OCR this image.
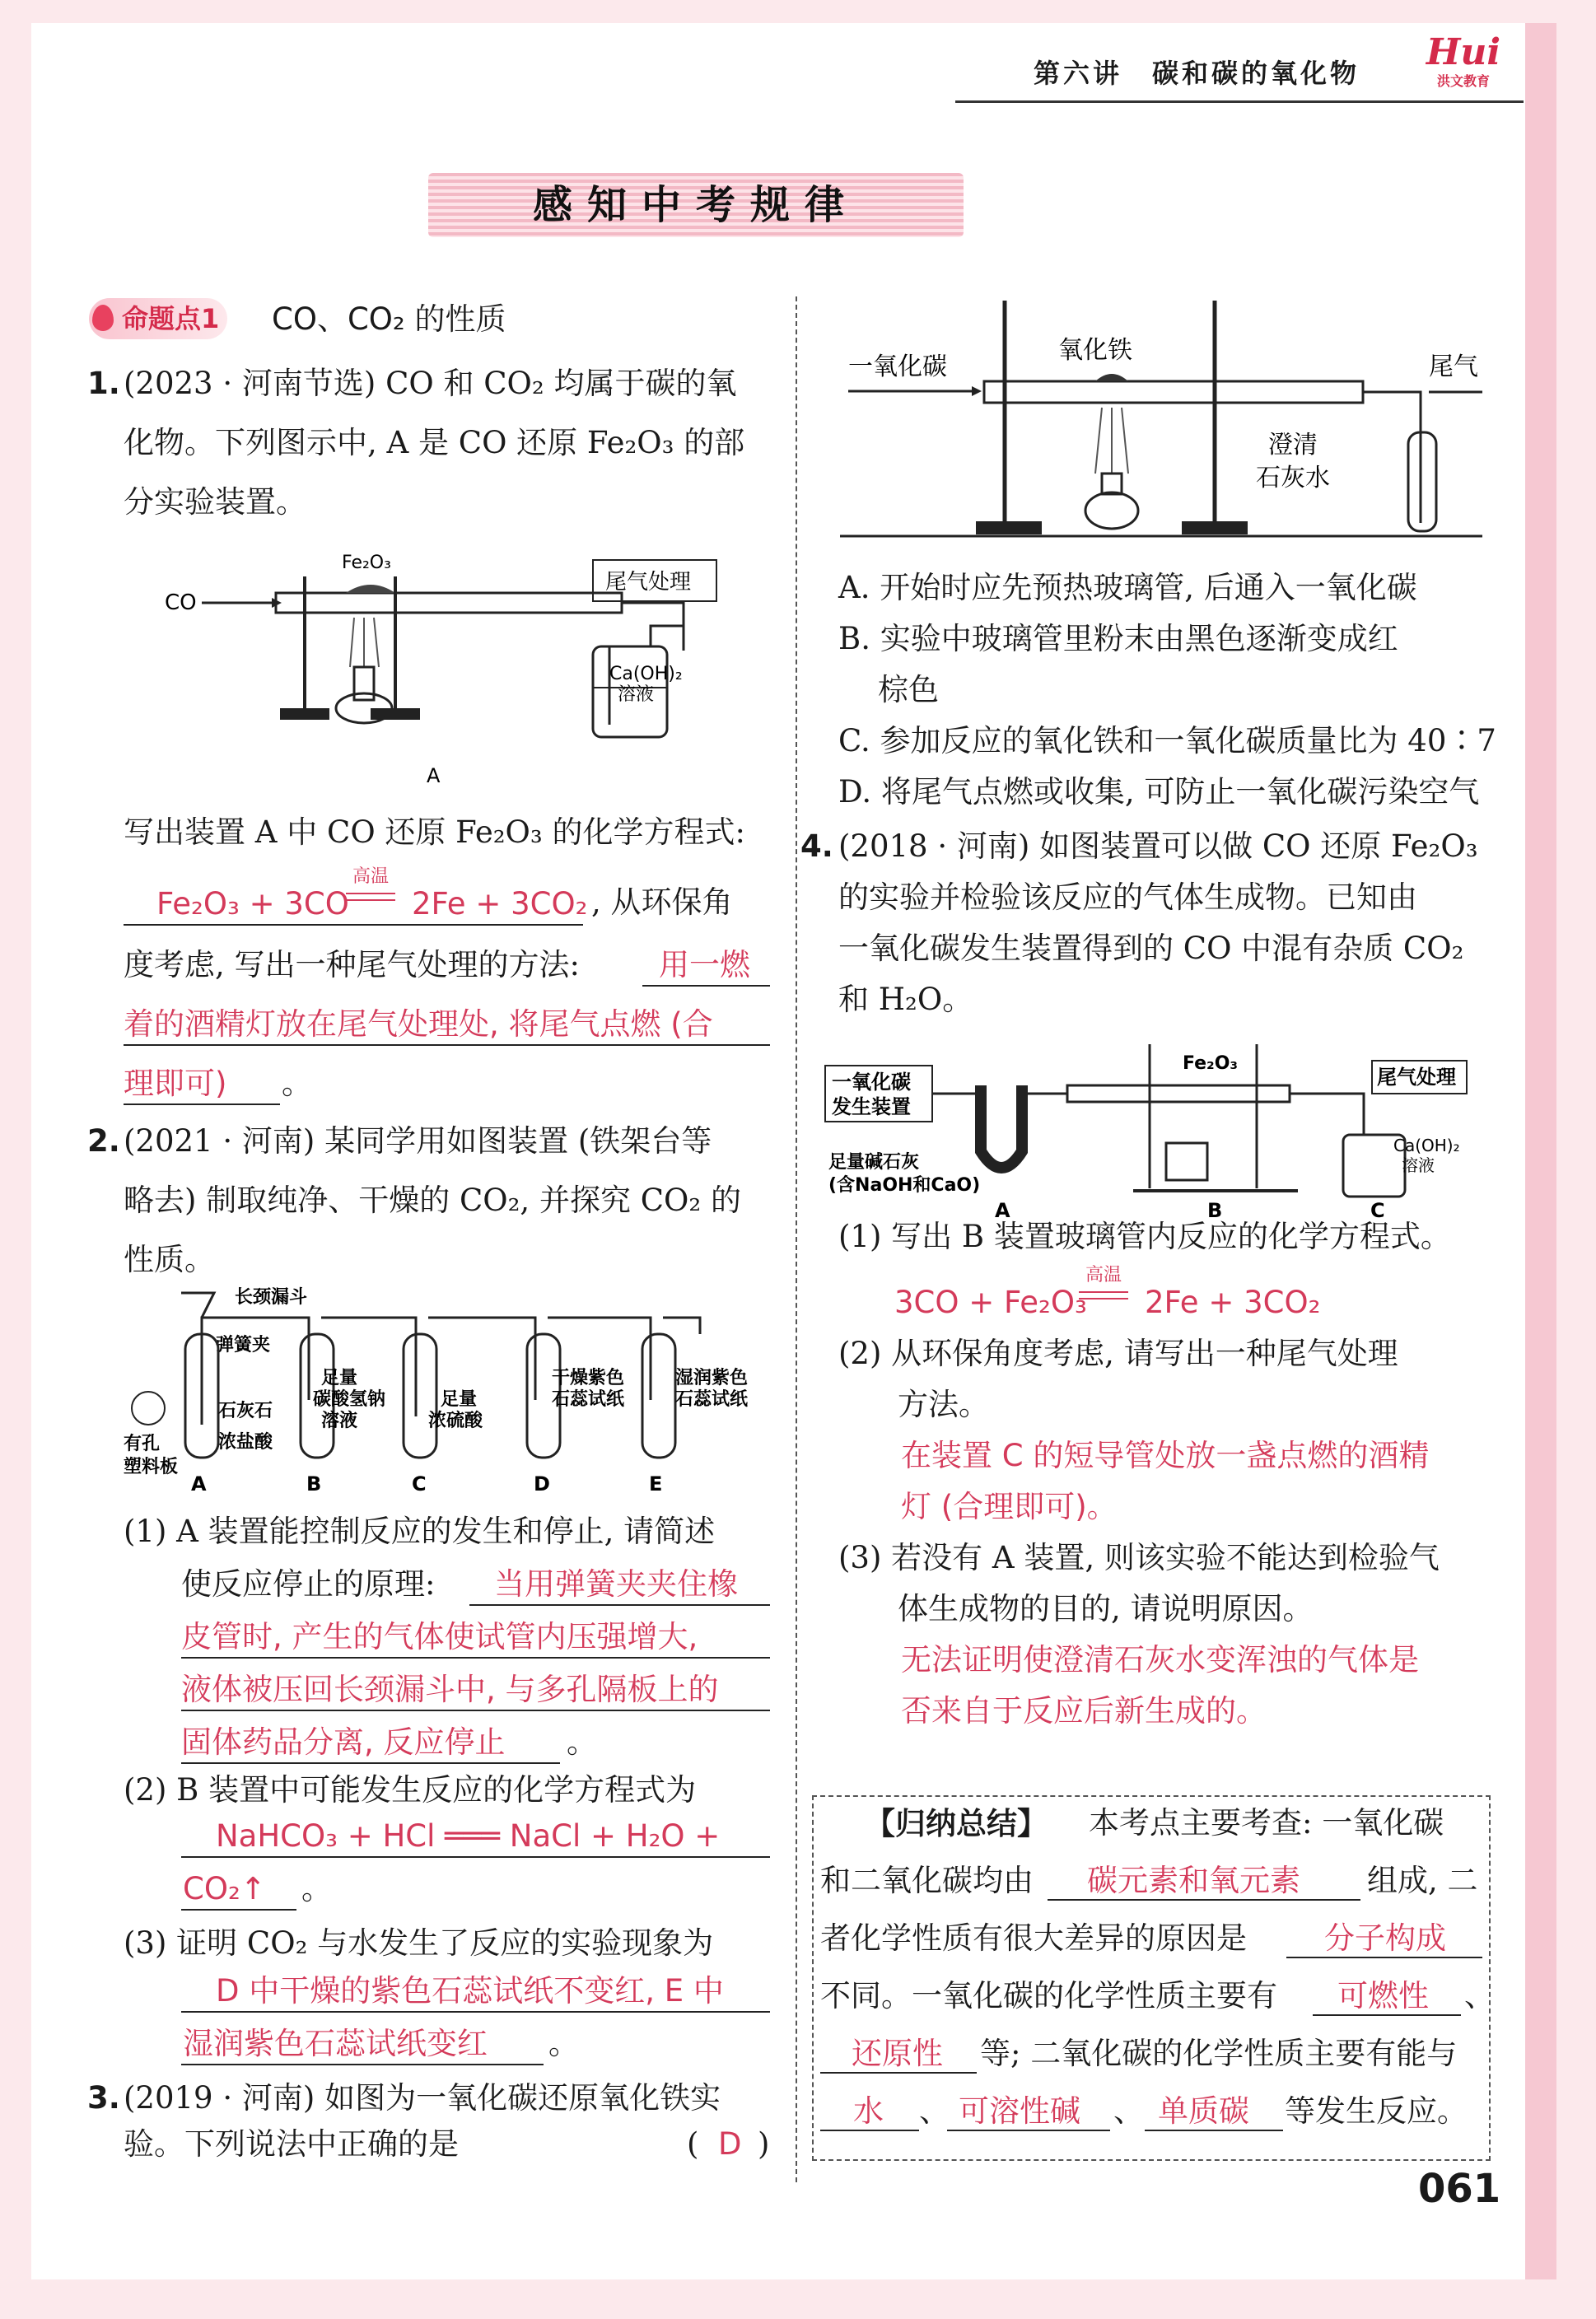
第六讲　碳和碳的氧化物 Hui
洪文教育
感知中考规律
命题点1 CO、CO₂ 的性质
1. (2023 · 河南节选) CO 和 CO₂ 均属于碳的氧
化物。下列图示中, A 是 CO 还原 Fe₂O₃ 的部
分实验装置。
CO
Fe₂O₃
尾气处理
Ca(OH)₂
溶液
A
写出装置 A 中 CO 还原 Fe₂O₃ 的化学方程式:
Fe₂O₃ + 3CO
高温
2Fe + 3CO₂ , 从环保角
度考虑, 写出一种尾气处理的方法:	用一燃
着的酒精灯放在尾气处理处, 将尾气点燃 (合
理即可) 。
2. (2021 · 河南) 某同学用如图装置 (铁架台等
略去) 制取纯净、干燥的 CO₂, 并探究 CO₂ 的
性质。
长颈漏斗
弹簧夹
石灰石
浓盐酸
有孔
塑料板
足量
碳酸氢钠
溶液
足量
浓硫酸
干燥紫色
石蕊试纸
湿润紫色
石蕊试纸
A	B	C	D	E
(1) A 装置能控制反应的发生和停止, 请简述
使反应停止的原理: 当用弹簧夹夹住橡
皮管时, 产生的气体使试管内压强增大,
液体被压回长颈漏斗中, 与多孔隔板上的
固体药品分离, 反应停止 。
(2) B 装置中可能发生反应的化学方程式为
NaHCO₃ + HCl ═══ NaCl + H₂O +
CO₂↑ 。
(3) 证明 CO₂ 与水发生了反应的实验现象为
D 中干燥的紫色石蕊试纸不变红, E 中
湿润紫色石蕊试纸变红 。
3. (2019 · 河南) 如图为一氧化碳还原氧化铁实
验。下列说法中正确的是	( D )
一氧化碳
氧化铁
尾气
澄清
石灰水
A. 开始时应先预热玻璃管, 后通入一氧化碳
B. 实验中玻璃管里粉末由黑色逐渐变成红
棕色
C. 参加反应的氧化铁和一氧化碳质量比为 40∶7
D. 将尾气点燃或收集, 可防止一氧化碳污染空气
4. (2018 · 河南) 如图装置可以做 CO 还原 Fe₂O₃
的实验并检验该反应的气体生成物。已知由
一氧化碳发生装置得到的 CO 中混有杂质 CO₂
和 H₂O。
一氧化碳
发生装置
足量碱石灰
(含NaOH和CaO)
Fe₂O₃
尾气处理
Ca(OH)₂
溶液
A	B	C
(1) 写出 B 装置玻璃管内反应的化学方程式。
3CO + Fe₂O₃
高温
2Fe + 3CO₂
(2) 从环保角度考虑, 请写出一种尾气处理
方法。
在装置 C 的短导管处放一盏点燃的酒精
灯 (合理即可)。
(3) 若没有 A 装置, 则该实验不能达到检验气
体生成物的目的, 请说明原因。
无法证明使澄清石灰水变浑浊的气体是
否来自于反应后新生成的。
【归纳总结】 本考点主要考查: 一氧化碳
和二氧化碳均由 碳元素和氧元素 组成, 二
者化学性质有很大差异的原因是	分子构成
不同。一氧化碳的化学性质主要有 可燃性 、
还原性 等; 二氧化碳的化学性质主要有能与
水 、 可溶性碱 、 单质碳 等发生反应。
061
